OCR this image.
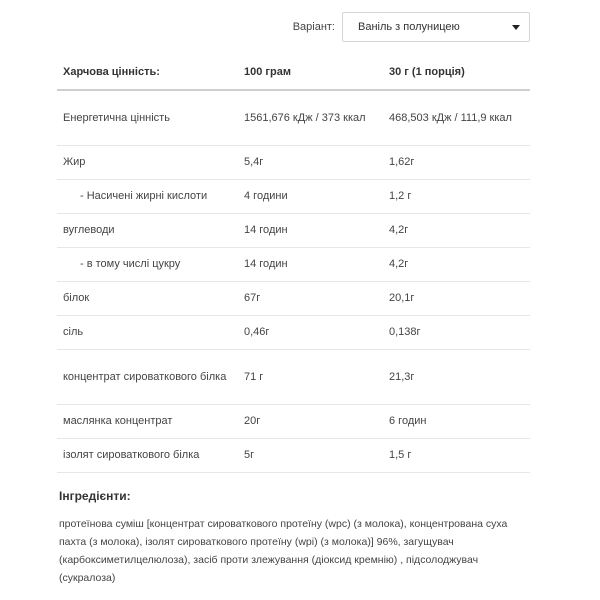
Варіант: Ваніль з полуницею
Харчова цінність:	100 грам	30 г (1 порція)
Енергетична цінність	1561,676 кДж / 373 ккал	468,503 кДж / 111,9 ккал
Жир	5,4г	1,62г
- Насичені жирні кислоти	4 години	1,2 г
вуглеводи	14 годин	4,2г
- в тому числі цукру	14 годин	4,2г
білок	67г	20,1г
сіль	0,46г	0,138г
концентрат сироваткового білка	71 г	21,3г
маслянка концентрат	20г	6 годин
ізолят сироваткового білка	5г	1,5 г
Інгредієнти:
протеїнова суміш [концентрат сироваткового протеїну (wpc) (з молока), концентрована суха пахта (з молока), ізолят сироваткового протеїну (wpi) (з молока)] 96%, загущувач (карбоксиметилцелюлоза), засіб проти злежування (діоксид кремнію) , підсолоджувач (сукралоза)
